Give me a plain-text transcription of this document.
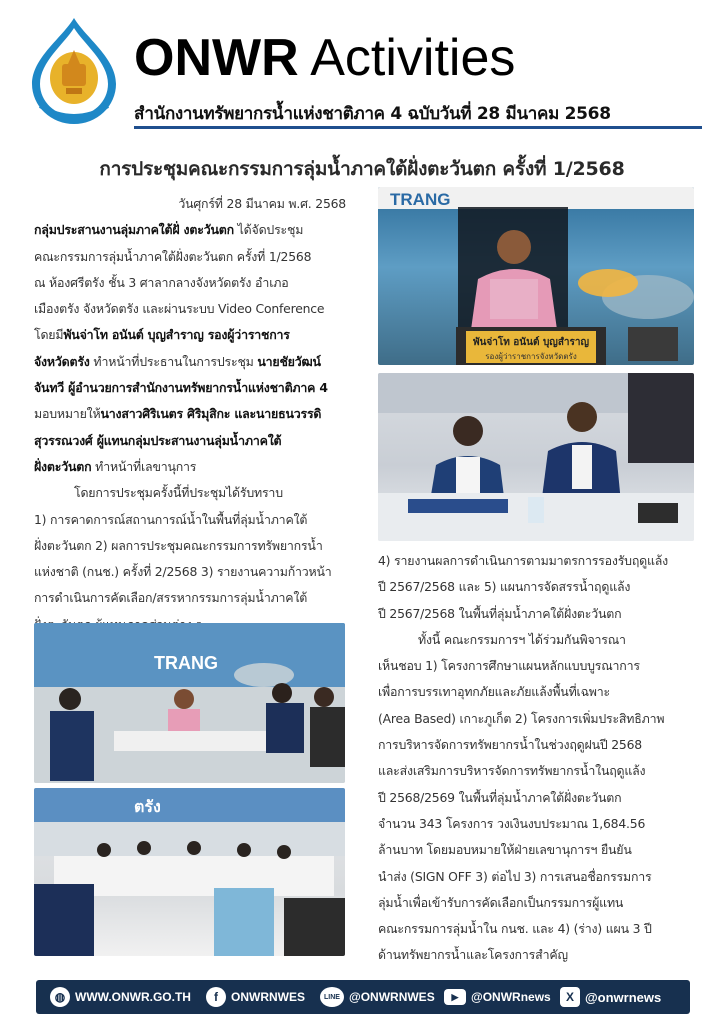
ONWR Activities
สำนักงานทรัพยากรน้ำแห่งชาติภาค 4 ฉบับวันที่ 28 มีนาคม 2568
การประชุมคณะกรรมการลุ่มน้ำภาคใต้ฝั่งตะวันตก ครั้งที่ 1/2568
วันศุกร์ที่ 28 มีนาคม พ.ศ. 2568
กลุ่มประสานงานลุ่มภาคใต้ฝั่ งตะวันตก ได้จัดประชุม
คณะกรรมการลุ่มน้ำภาคใต้ฝั่งตะวันตก ครั้งที่ 1/2568
ณ ห้องศรีตรัง ชั้น 3 ศาลากลางจังหวัดตรัง อำเภอ
เมืองตรัง จังหวัดตรัง และผ่านระบบ Video Conference
โดยมีพันจ่าโท อนันต์ บุญสำราญ รองผู้ว่าราชการ
จังหวัดตรัง ทำหน้าที่ประธานในการประชุม นายชัยวัฒน์
จันทวี ผู้อำนวยการสำนักงานทรัพยากรน้ำแห่งชาติภาค 4
มอบหมายให้นางสาวศิริเนตร ศิริมุสิกะ และนายธนวรรดิ
สุวรรณวงศ์ ผู้แทนกลุ่มประสานงานลุ่มน้ำภาคใต้
ฝั่งตะวันตก ทำหน้าที่เลขานุการ
โดยการประชุมครั้งนี้ที่ประชุมได้รับทราบ
1) การคาดการณ์สถานการณ์น้ำในพื้นที่ลุ่มน้ำภาคใต้
ฝั่งตะวันตก 2) ผลการประชุมคณะกรรมการทรัพยากรน้ำ
แห่งชาติ (กนช.) ครั้งที่ 2/2568 3) รายงานความก้าวหน้า
การดำเนินการคัดเลือก/สรรหากรรมการลุ่มน้ำภาคใต้
TRANG
พันจ่าโท อนันต์ บุญสำราญ
รองผู้ว่าราชการจังหวัดตรัง
TRANG
ตรัง
4) รายงานผลการดำเนินการตามมาตรการรองรับฤดูแล้ง
ปี 2567/2568 และ 5) แผนการจัดสรรน้ำฤดูแล้ง
ปี 2567/2568 ในพื้นที่ลุ่มน้ำภาคใต้ฝั่งตะวันตก
ทั้งนี้ คณะกรรมการฯ ได้ร่วมกันพิจารณา
เห็นชอบ 1) โครงการศึกษาแผนหลักแบบบูรณาการ
เพื่อการบรรเทาอุทกภัยและภัยแล้งพื้นที่เฉพาะ
(Area Based) เกาะภูเก็ต 2) โครงการเพิ่มประสิทธิภาพ
การบริหารจัดการทรัพยากรน้ำในช่วงฤดูฝนปี 2568
และส่งเสริมการบริหารจัดการทรัพยากรน้ำในฤดูแล้ง
ปี 2568/2569 ในพื้นที่ลุ่มน้ำภาคใต้ฝั่งตะวันตก
จำนวน 343 โครงการ วงเงินงบประมาณ 1,684.56
ล้านบาท โดยมอบหมายให้ฝ่ายเลขานุการฯ ยืนยัน
นำส่ง (SIGN OFF 3) ต่อไป 3) การเสนอชื่อกรรมการ
ลุ่มน้ำเพื่อเข้ารับการคัดเลือกเป็นกรรมการผู้แทน
คณะกรรมการลุ่มน้ำใน กนช. และ 4) (ร่าง) แผน 3 ปี
ด้านทรัพยากรน้ำและโครงการสำคัญ
◍ WWW.ONWR.GO.TH	f	ONWRNWES	LINE @ONWRNWES	▶	@ONWRnews	X @onwrnews
